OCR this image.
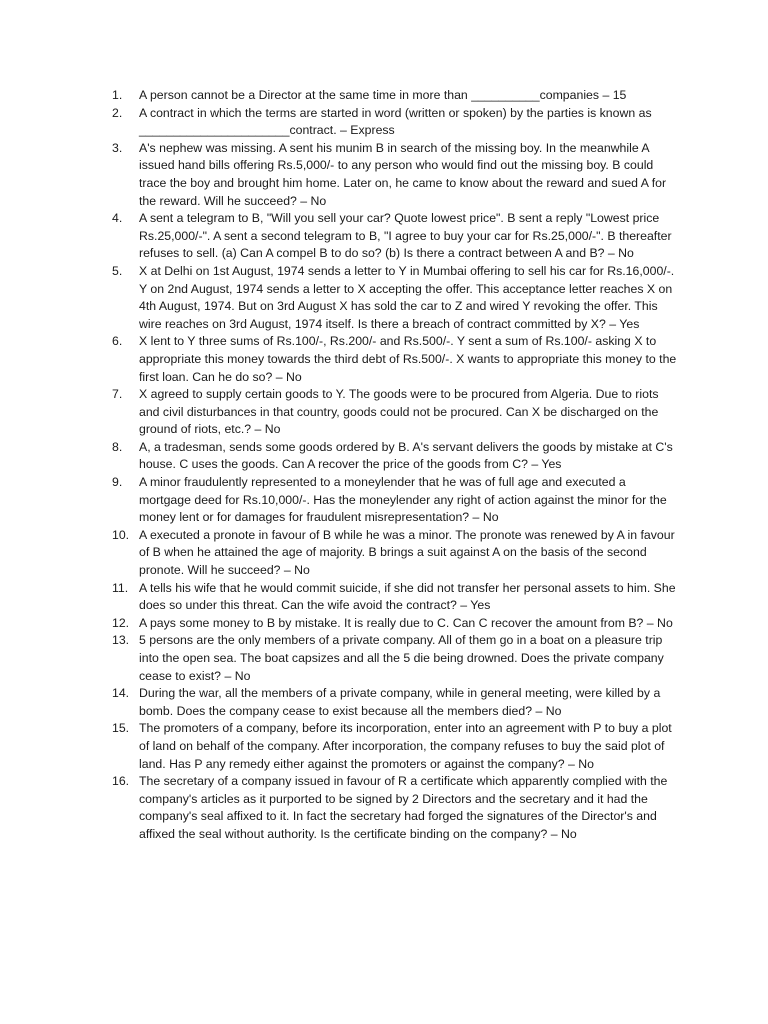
1.	A person cannot be a Director at the same time in more than __________companies – 15
2.	A contract in which the terms are started in word (written or spoken) by the parties is known as ______________________contract. – Express
3.	A's nephew was missing. A sent his munim B in search of the missing boy. In the meanwhile A issued hand bills offering Rs.5,000/- to any person who would find out the missing boy. B could trace the boy and brought him home. Later on, he came to know about the reward and sued A for the reward. Will he succeed? – No
4.	A sent a telegram to B, "Will you sell your car? Quote lowest price". B sent a reply "Lowest price Rs.25,000/-". A sent a second telegram to B, "I agree to buy your car for Rs.25,000/-". B thereafter refuses to sell. (a) Can A compel B to do so? (b) Is there a contract between A and B? – No
5.	X at Delhi on 1st August, 1974 sends a letter to Y in Mumbai offering to sell his car for Rs.16,000/-. Y on 2nd August, 1974 sends a letter to X accepting the offer. This acceptance letter reaches X on 4th August, 1974. But on 3rd August X has sold the car to Z and wired Y revoking the offer. This wire reaches on 3rd August, 1974 itself. Is there a breach of contract committed by X? – Yes
6.	X lent to Y three sums of Rs.100/-, Rs.200/- and Rs.500/-. Y sent a sum of Rs.100/- asking X to appropriate this money towards the third debt of Rs.500/-. X wants to appropriate this money to the first loan. Can he do so? – No
7.	X agreed to supply certain goods to Y. The goods were to be procured from Algeria. Due to riots and civil disturbances in that country, goods could not be procured. Can X be discharged on the ground of riots, etc.? – No
8.	A, a tradesman, sends some goods ordered by B. A's servant delivers the goods by mistake at C's house. C uses the goods. Can A recover the price of the goods from C? – Yes
9.	A minor fraudulently represented to a moneylender that he was of full age and executed a mortgage deed for Rs.10,000/-. Has the moneylender any right of action against the minor for the money lent or for damages for fraudulent misrepresentation? – No
10. A executed a pronote in favour of B while he was a minor. The pronote was renewed by A in favour of B when he attained the age of majority. B brings a suit against A on the basis of the second pronote. Will he succeed? – No
11. A tells his wife that he would commit suicide, if she did not transfer her personal assets to him. She does so under this threat. Can the wife avoid the contract? – Yes
12. A pays some money to B by mistake. It is really due to C. Can C recover the amount from B? – No
13. 5 persons are the only members of a private company. All of them go in a boat on a pleasure trip into the open sea. The boat capsizes and all the 5 die being drowned. Does the private company cease to exist? – No
14. During the war, all the members of a private company, while in general meeting, were killed by a bomb. Does the company cease to exist because all the members died? – No
15. The promoters of a company, before its incorporation, enter into an agreement with P to buy a plot of land on behalf of the company. After incorporation, the company refuses to buy the said plot of land. Has P any remedy either against the promoters or against the company? – No
16. The secretary of a company issued in favour of R a certificate which apparently complied with the company's articles as it purported to be signed by 2 Directors and the secretary and it had the company's seal affixed to it. In fact the secretary had forged the signatures of the Director's and affixed the seal without authority. Is the certificate binding on the company? – No
